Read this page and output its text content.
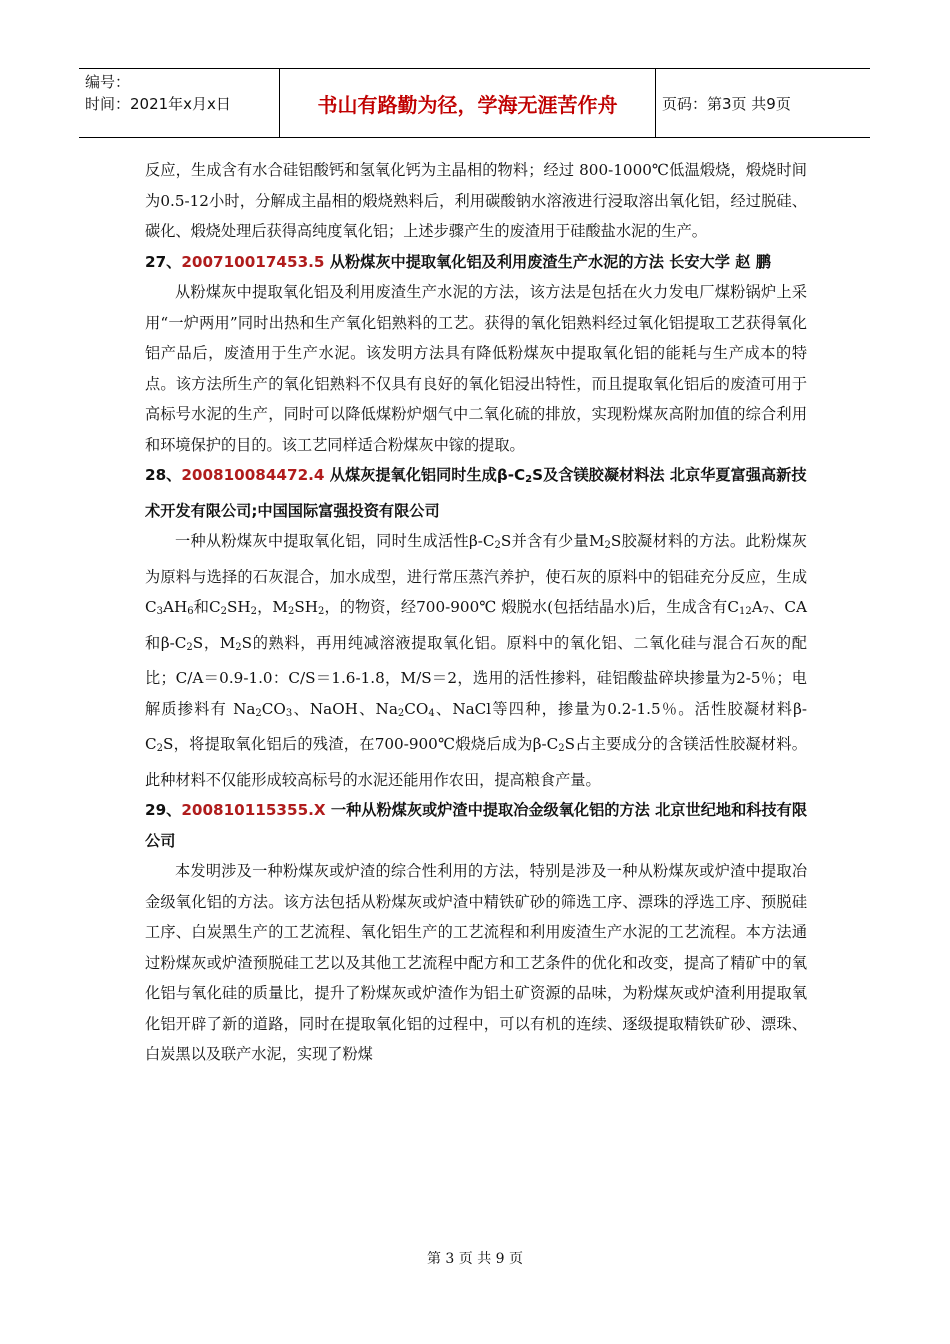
编号：
时间：2021年x月x日	书山有路勤为径，学海无涯苦作舟	页码：第3页 共9页

反应，生成含有水合硅铝酸钙和氢氧化钙为主晶相的物料；经过 800-1000℃低温煅烧，煅烧时间为0.5-12小时，分解成主晶相的煅烧熟料后，利用碳酸钠水溶液进行浸取溶出氧化铝，经过脱硅、碳化、煅烧处理后获得高纯度氧化铝；上述步骤产生的废渣用于硅酸盐水泥的生产。

27、200710017453.5 从粉煤灰中提取氧化铝及利用废渣生产水泥的方法 长安大学 赵 鹏

从粉煤灰中提取氧化铝及利用废渣生产水泥的方法，该方法是包括在火力发电厂煤粉锅炉上采用“一炉两用”同时出热和生产氧化铝熟料的工艺。获得的氧化铝熟料经过氧化铝提取工艺获得氧化铝产品后，废渣用于生产水泥。该发明方法具有降低粉煤灰中提取氧化铝的能耗与生产成本的特点。该方法所生产的氧化铝熟料不仅具有良好的氧化铝浸出特性，而且提取氧化铝后的废渣可用于高标号水泥的生产，同时可以降低煤粉炉烟气中二氧化硫的排放，实现粉煤灰高附加值的综合利用和环境保护的目的。该工艺同样适合粉煤灰中镓的提取。

28、200810084472.4 从煤灰提氧化铝同时生成$\beta-C_2S$及含镁胶凝材料法 北京华夏富强高新技术开发有限公司;中国国际富强投资有限公司

一种从粉煤灰中提取氧化铝，同时生成活性$\beta-C_2S$并含有少量$M_2S$胶凝材料的方法。此粉煤灰为原料与选择的石灰混合，加水成型，进行常压蒸汽养护，使石灰的原料中的铝硅充分反应，生成$C_3AH_6$和$C_2SH_2$，$M_2SH_2$，的物资，经700-900℃ 煅脱水(包括结晶水)后，生成含有$C_{12}A_7$、CA和$\beta-C_2S$，$M_2S$的熟料，再用纯减溶液提取氧化铝。原料中的氧化铝、二氧化硅与混合石灰的配比；C/A＝0.9-1.0：C/S＝1.6-1.8，M/S＝2，选用的活性掺料，硅铝酸盐碎块掺量为2-5％；电解质掺料有 $Na_2CO_3$、NaOH、$Na_2CO_4$、NaCl等四种，掺量为0.2-1.5％。活性胶凝材料$\beta-C_2S$，将提取氧化铝后的残渣，在700-900℃煅烧后成为$\beta-C_2S$占主要成分的含镁活性胶凝材料。此种材料不仅能形成较高标号的水泥还能用作农田，提高粮食产量。

29、200810115355.X 一种从粉煤灰或炉渣中提取冶金级氧化铝的方法 北京世纪地和科技有限公司

本发明涉及一种粉煤灰或炉渣的综合性利用的方法，特别是涉及一种从粉煤灰或炉渣中提取冶金级氧化铝的方法。该方法包括从粉煤灰或炉渣中精铁矿砂的筛选工序、漂珠的浮选工序、预脱硅工序、白炭黑生产的工艺流程、氧化铝生产的工艺流程和利用废渣生产水泥的工艺流程。本方法通过粉煤灰或炉渣预脱硅工艺以及其他工艺流程中配方和工艺条件的优化和改变，提高了精矿中的氧化铝与氧化硅的质量比，提升了粉煤灰或炉渣作为铝土矿资源的品味，为粉煤灰或炉渣利用提取氧化铝开辟了新的道路，同时在提取氧化铝的过程中，可以有机的连续、逐级提取精铁矿砂、漂珠、白炭黑以及联产水泥，实现了粉煤

第 3 页 共 9 页
